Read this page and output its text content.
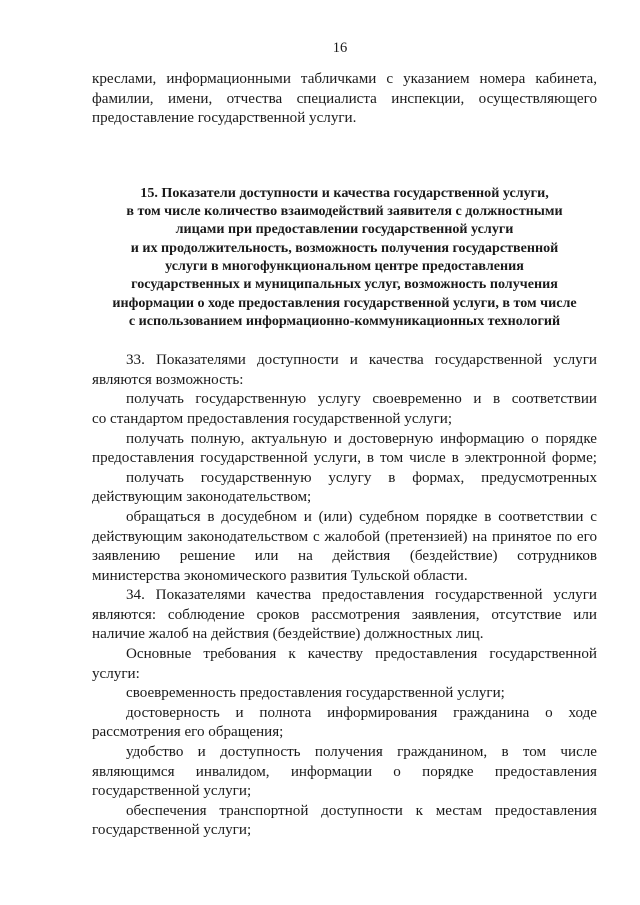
16
креслами, информационными табличками с указанием номера кабинета,
фамилии, имени, отчества специалиста инспекции, осуществляющего
предоставление государственной услуги.
15. Показатели доступности и качества государственной услуги,
в том числе количество взаимодействий заявителя с должностными
лицами при предоставлении государственной услуги
и их продолжительность, возможность получения государственной
услуги в многофункциональном центре предоставления
государственных и муниципальных услуг, возможность получения
информации о ходе предоставления государственной услуги, в том числе
с использованием информационно-коммуникационных технологий
33. Показателями доступности и качества государственной услуги
являются возможность:
получать государственную услугу своевременно и в соответствии
со стандартом предоставления государственной услуги;
получать полную, актуальную и достоверную информацию о порядке
предоставления государственной услуги, в том числе в электронной форме;
получать государственную услугу в формах, предусмотренных
действующим законодательством;
обращаться в досудебном и (или) судебном порядке в соответствии с
действующим законодательством с жалобой (претензией) на принятое по его
заявлению решение или на действия (бездействие) сотрудников
министерства экономического развития Тульской области.
34. Показателями качества предоставления государственной услуги
являются: соблюдение сроков рассмотрения заявления, отсутствие или
наличие жалоб на действия (бездействие) должностных лиц.
Основные требования к качеству предоставления государственной
услуги:
своевременность предоставления государственной услуги;
достоверность и полнота информирования гражданина о ходе
рассмотрения его обращения;
удобство и доступность получения гражданином, в том числе
являющимся инвалидом, информации о порядке предоставления
государственной услуги;
обеспечения транспортной доступности к местам предоставления
государственной услуги;
